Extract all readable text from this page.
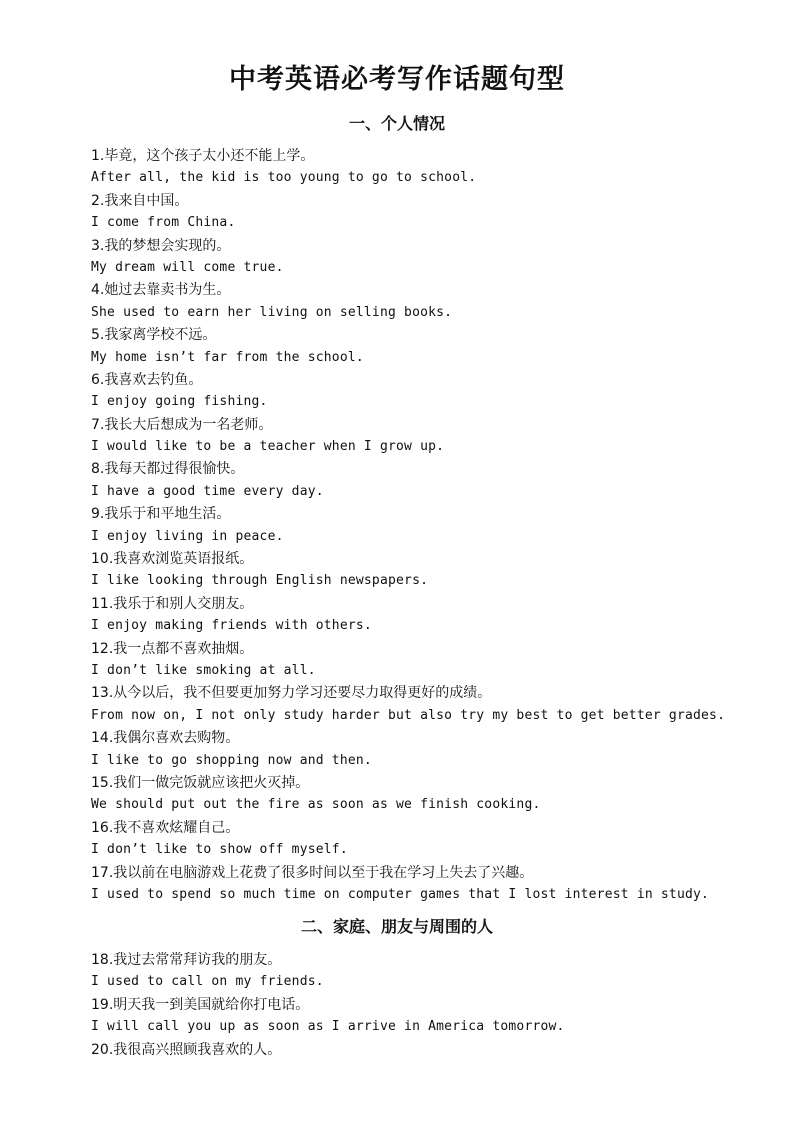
中考英语必考写作话题句型
一、个人情况
1.毕竟，这个孩子太小还不能上学。
After all, the kid is too young to go to school.
2.我来自中国。
I come from China.
3.我的梦想会实现的。
My dream will come true.
4.她过去靠卖书为生。
She used to earn her living on selling books.
5.我家离学校不远。
My home isn’t far from the school.
6.我喜欢去钓鱼。
I enjoy going fishing.
7.我长大后想成为一名老师。
I would like to be a teacher when I grow up.
8.我每天都过得很愉快。
I have a good time every day.
9.我乐于和平地生活。
I enjoy living in peace.
10.我喜欢浏览英语报纸。
I like looking through English newspapers.
11.我乐于和别人交朋友。
I enjoy making friends with others.
12.我一点都不喜欢抽烟。
I don’t like smoking at all.
13.从今以后，我不但要更加努力学习还要尽力取得更好的成绩。
From now on, I not only study harder but also try my best to get better grades.
14.我偶尔喜欢去购物。
I like to go shopping now and then.
15.我们一做完饭就应该把火灭掉。
We should put out the fire as soon as we finish cooking.
16.我不喜欢炫耀自己。
I don’t like to show off myself.
17.我以前在电脑游戏上花费了很多时间以至于我在学习上失去了兴趣。
I used to spend so much time on computer games that I lost interest in study.
二、家庭、朋友与周围的人
18.我过去常常拜访我的朋友。
I used to call on my friends.
19.明天我一到美国就给你打电话。
I will call you up as soon as I arrive in America tomorrow.
20.我很高兴照顾我喜欢的人。
